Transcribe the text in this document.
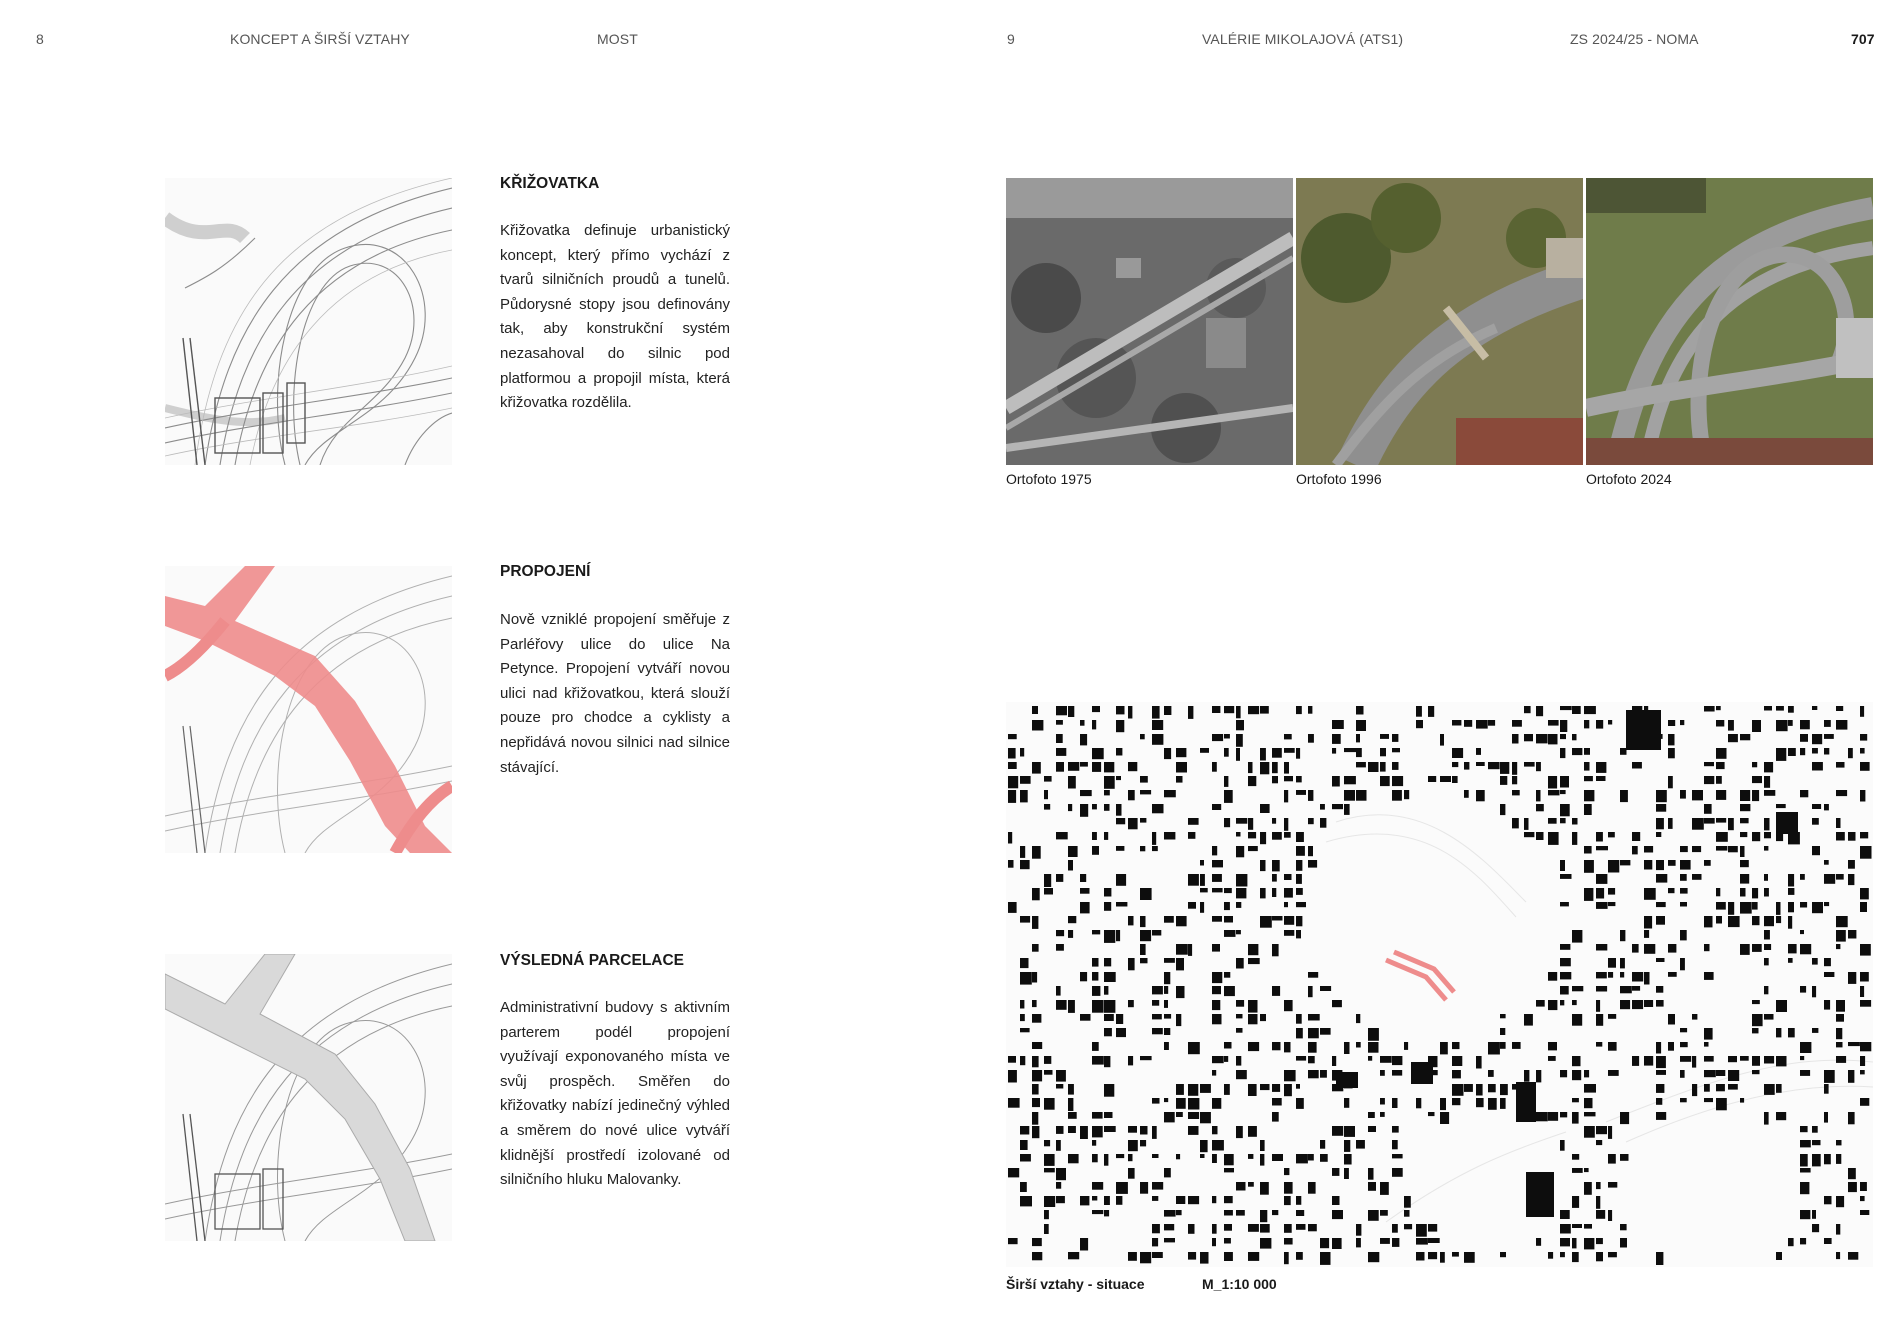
8	KONCEPT A ŠIRŠÍ VZTAHY	MOST	9	VALÉRIE MIKOLAJOVÁ (ATS1)	ZS 2024/25 - NOMA	707
KŘIŽOVATKA
Křižovatka definuje urbanistický koncept, který přímo vychází z tvarů silničních proudů a tunelů. Půdorysné stopy jsou definovány tak, aby konstrukční systém nezasahoval do silnic pod platformou a propojil místa, která křižovatka rozdělila.
PROPOJENÍ
Nově vzniklé propojení směřuje z Parléřovy ulice do ulice Na Petynce. Propojení vytváří novou ulici nad křižovatkou, která slouží pouze pro chodce a cyklisty a nepřidává novou silnici nad silnice stávající.
VÝSLEDNÁ PARCELACE
Administrativní budovy s aktivním parterem podél propojení využívají exponovaného místa ve svůj prospěch. Směřen do křižovatky nabízí jedinečný výhled a směrem do nové ulice vytváří klidnější prostředí izolované od silničního hluku Malovanky.
Ortofoto 1975	Ortofoto 1996	Ortofoto 2024
Širší vztahy - situace	M_1:10 000
